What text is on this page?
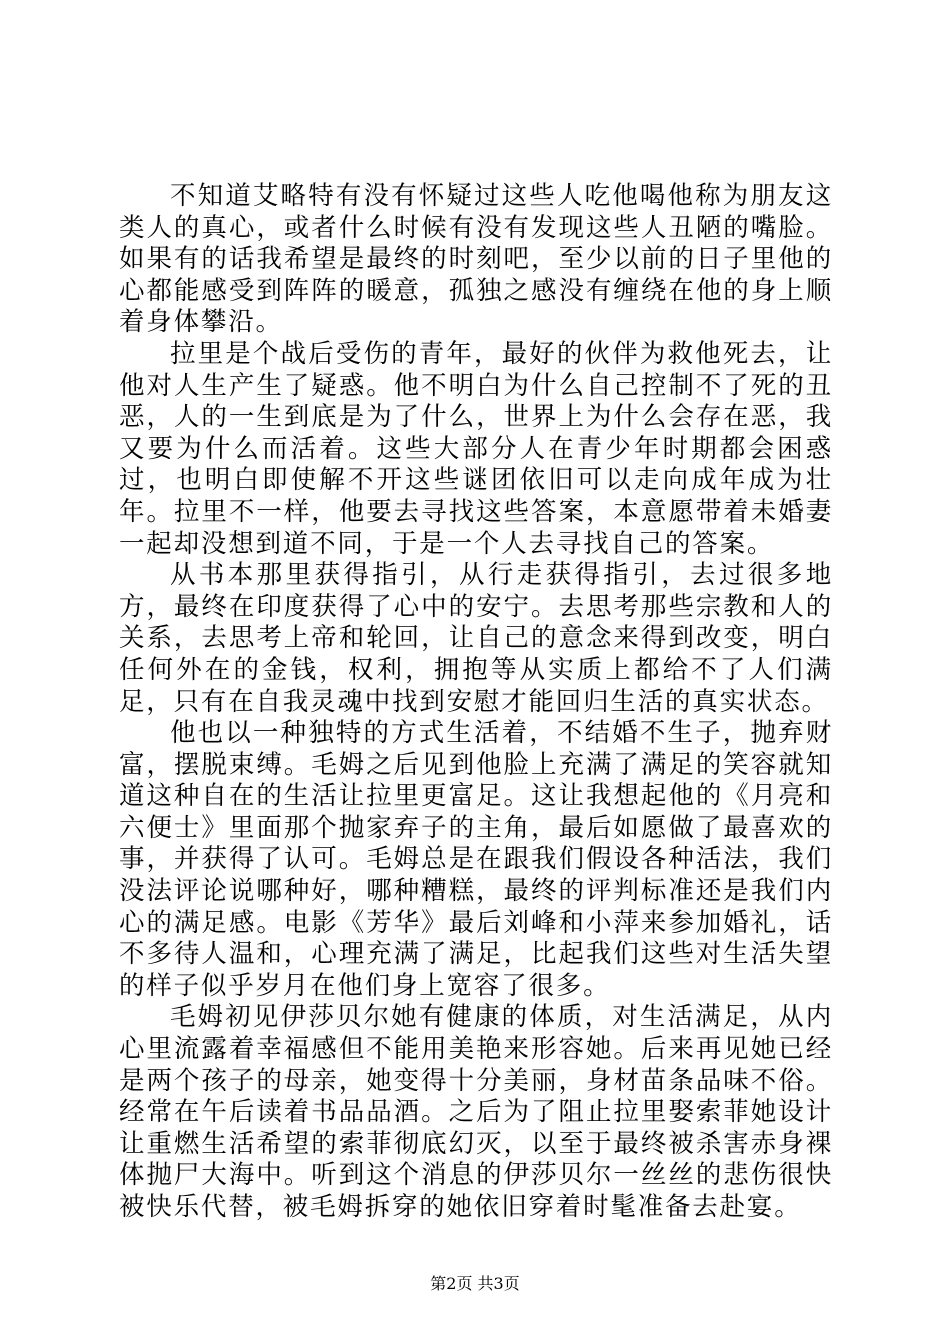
不知道艾略特有没有怀疑过这些人吃他喝他称为朋友这类人的真心，或者什么时候有没有发现这些人丑陋的嘴脸。如果有的话我希望是最终的时刻吧，至少以前的日子里他的心都能感受到阵阵的暖意，孤独之感没有缠绕在他的身上顺着身体攀沿。

拉里是个战后受伤的青年，最好的伙伴为救他死去，让他对人生产生了疑惑。他不明白为什么自己控制不了死的丑恶，人的一生到底是为了什么，世界上为什么会存在恶，我又要为什么而活着。这些大部分人在青少年时期都会困惑过，也明白即使解不开这些谜团依旧可以走向成年成为壮年。拉里不一样，他要去寻找这些答案，本意愿带着未婚妻一起却没想到道不同，于是一个人去寻找自己的答案。

从书本那里获得指引，从行走获得指引，去过很多地方，最终在印度获得了心中的安宁。去思考那些宗教和人的关系，去思考上帝和轮回，让自己的意念来得到改变，明白任何外在的金钱，权利，拥抱等从实质上都给不了人们满足，只有在自我灵魂中找到安慰才能回归生活的真实状态。

他也以一种独特的方式生活着，不结婚不生子，抛弃财富，摆脱束缚。毛姆之后见到他脸上充满了满足的笑容就知道这种自在的生活让拉里更富足。这让我想起他的《月亮和六便士》里面那个抛家弃子的主角，最后如愿做了最喜欢的事，并获得了认可。毛姆总是在跟我们假设各种活法，我们没法评论说哪种好，哪种糟糕，最终的评判标准还是我们内心的满足感。电影《芳华》最后刘峰和小萍来参加婚礼，话不多待人温和，心理充满了满足，比起我们这些对生活失望的样子似乎岁月在他们身上宽容了很多。

毛姆初见伊莎贝尔她有健康的体质，对生活满足，从内心里流露着幸福感但不能用美艳来形容她。后来再见她已经是两个孩子的母亲，她变得十分美丽，身材苗条品味不俗。经常在午后读着书品品酒。之后为了阻止拉里娶索菲她设计让重燃生活希望的索菲彻底幻灭，以至于最终被杀害赤身裸体抛尸大海中。听到这个消息的伊莎贝尔一丝丝的悲伤很快被快乐代替，被毛姆拆穿的她依旧穿着时髦准备去赴宴。

第2页 共3页
